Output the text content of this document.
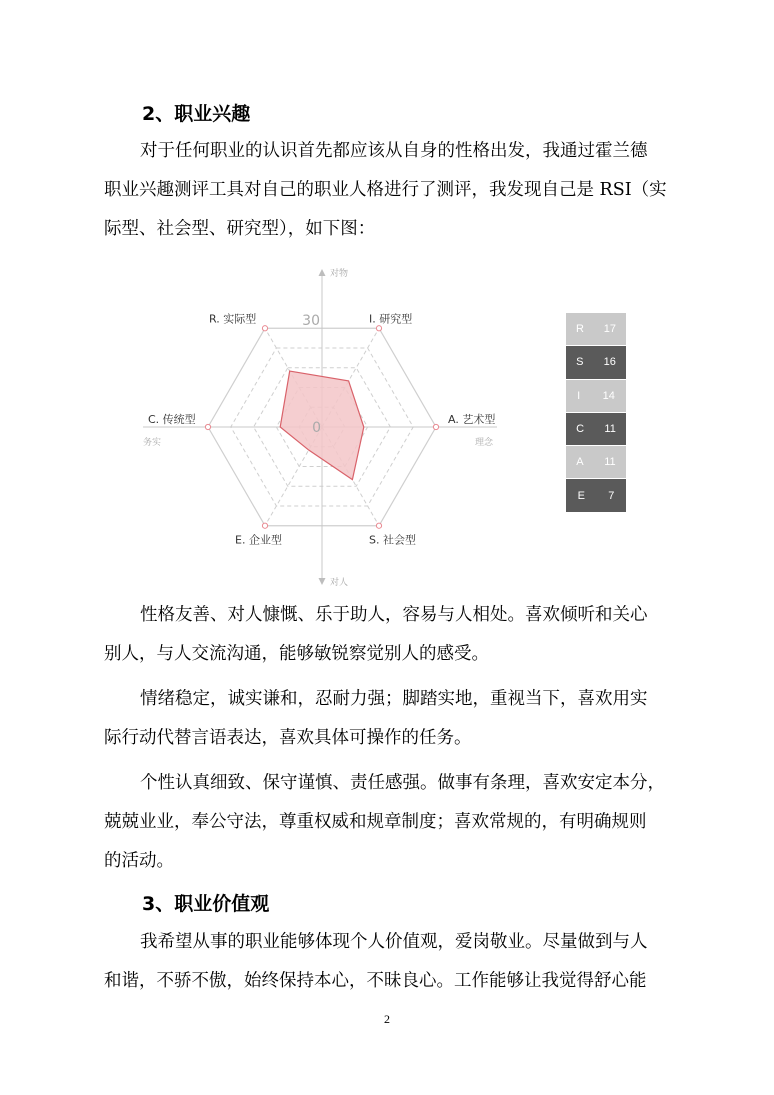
2、职业兴趣

对于任何职业的认识首先都应该从自身的性格出发，我通过霍兰德
职业兴趣测评工具对自己的职业人格进行了测评，我发现自己是 RSI（实
际型、社会型、研究型），如下图：

R. 实际型	I. 研究型
A. 艺术型
S. 社会型
E. 企业型
C. 传统型
30
0
对物
对人
务实	理念
R 17
S 16
I 14
C 11
A 11
E 7

性格友善、对人慷慨、乐于助人，容易与人相处。喜欢倾听和关心
别人，与人交流沟通，能够敏锐察觉别人的感受。

情绪稳定，诚实谦和，忍耐力强；脚踏实地，重视当下，喜欢用实
际行动代替言语表达，喜欢具体可操作的任务。

个性认真细致、保守谨慎、责任感强。做事有条理，喜欢安定本分，
兢兢业业，奉公守法，尊重权威和规章制度；喜欢常规的，有明确规则
的活动。

3、职业价值观

我希望从事的职业能够体现个人价值观，爱岗敬业。尽量做到与人
和谐，不骄不傲，始终保持本心，不昧良心。工作能够让我觉得舒心能

2
